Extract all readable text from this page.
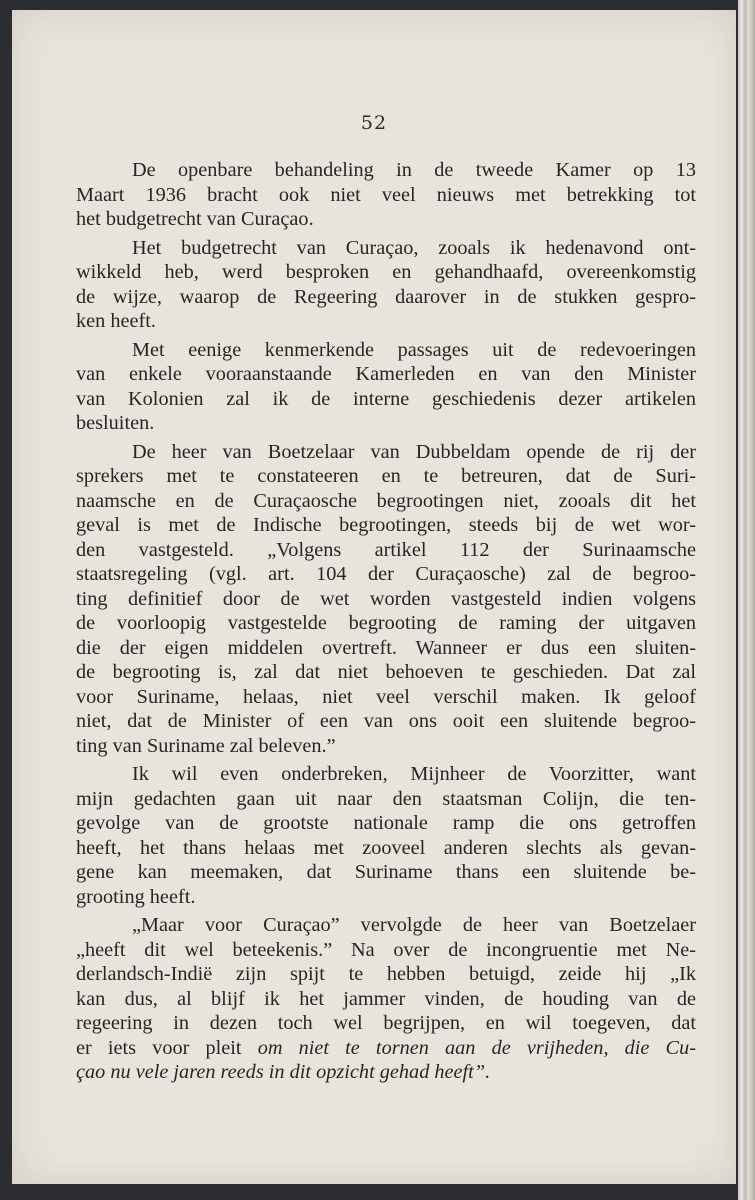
52
De openbare behandeling in de tweede Kamer op 13
Maart 1936 bracht ook niet veel nieuws met betrekking tot
het budgetrecht van Curaçao.
Het budgetrecht van Curaçao, zooals ik hedenavond ont-
wikkeld heb, werd besproken en gehandhaafd, overeenkomstig
de wijze, waarop de Regeering daarover in de stukken gespro-
ken heeft.
Met eenige kenmerkende passages uit de redevoeringen
van enkele vooraanstaande Kamerleden en van den Minister
van Kolonien zal ik de interne geschiedenis dezer artikelen
besluiten.
De heer van Boetzelaar van Dubbeldam opende de rij der
sprekers met te constateeren en te betreuren, dat de Suri-
naamsche en de Curaçaosche begrootingen niet, zooals dit het
geval is met de Indische begrootingen, steeds bij de wet wor-
den vastgesteld. „Volgens artikel 112 der Surinaamsche
staatsregeling (vgl. art. 104 der Curaçaosche) zal de begroo-
ting definitief door de wet worden vastgesteld indien volgens
de voorloopig vastgestelde begrooting de raming der uitgaven
die der eigen middelen overtreft. Wanneer er dus een sluiten-
de begrooting is, zal dat niet behoeven te geschieden. Dat zal
voor Suriname, helaas, niet veel verschil maken. Ik geloof
niet, dat de Minister of een van ons ooit een sluitende begroo-
ting van Suriname zal beleven.”
Ik wil even onderbreken, Mijnheer de Voorzitter, want
mijn gedachten gaan uit naar den staatsman Colijn, die ten-
gevolge van de grootste nationale ramp die ons getroffen
heeft, het thans helaas met zooveel anderen slechts als gevan-
gene kan meemaken, dat Suriname thans een sluitende be-
grooting heeft.
„Maar voor Curaçao” vervolgde de heer van Boetzelaer
„heeft dit wel beteekenis.” Na over de incongruentie met Ne-
derlandsch-Indië zijn spijt te hebben betuigd, zeide hij „Ik
kan dus, al blijf ik het jammer vinden, de houding van de
regeering in dezen toch wel begrijpen, en wil toegeven, dat
er iets voor pleit om niet te tornen aan de vrijheden, die Cu-
çao nu vele jaren reeds in dit opzicht gehad heeft”.
